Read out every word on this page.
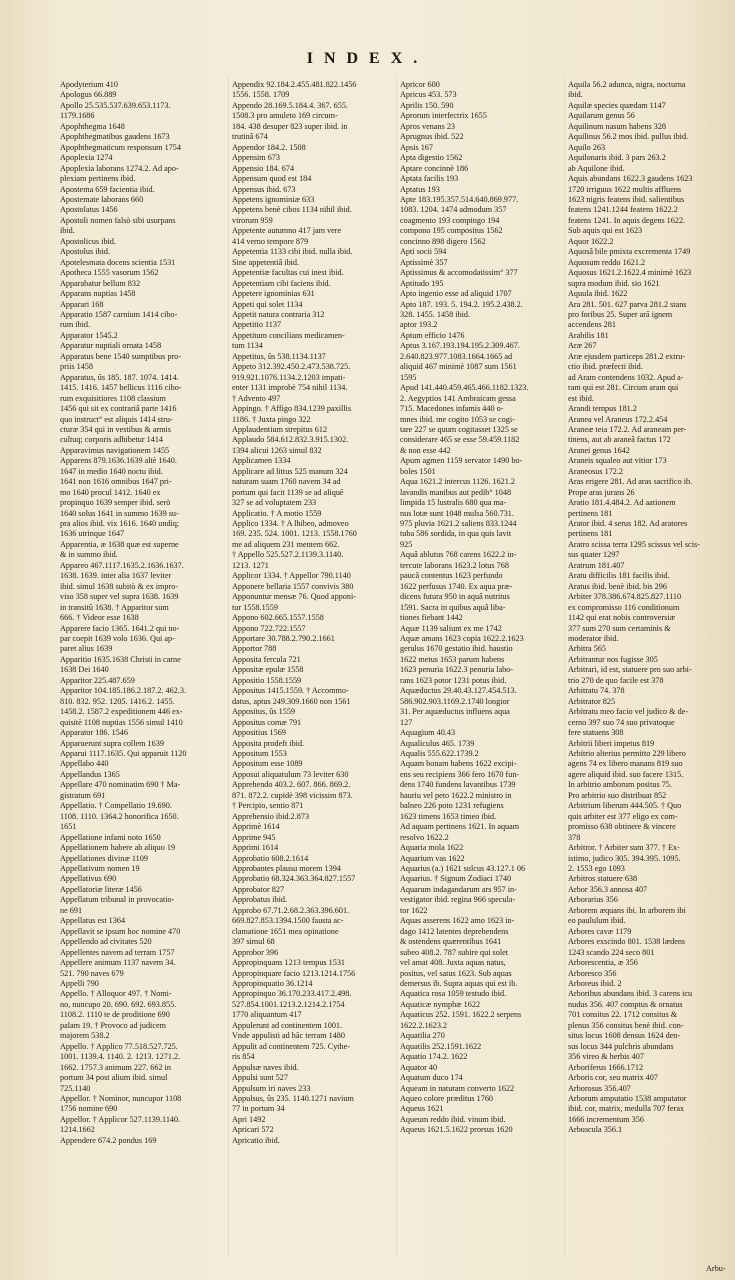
INDEX.
Apodyterium 410
Apologus 66.889
Apollo 25.535.537.639.653.1173.
1179.1686
Apophthegma 1648
Apophthegmatibus gaudens 1673
Apophthegmaticum responsum 1754
Apoplexia 1274
Apoplexia laborans 1274.2. Ad apo-
plexiam pertinens ibid.
Apostema 659 facientia ibid.
Apostemate laborans 660
Apostolatus 1456
Apostoli nomen falsò sibi usurpans
ibid.
Apostolicus ibid.
Apostolus ibid.
Apotelesmata docens scientia 1531
Apotheca 1555 vasorum 1562
Apparabatur bellum 832
Apparans nuptias 1458
Apparari 168
Apparatio 1587 carnium 1414 cibo-
rum ibid.
Apparator 1545.2
Apparatur nuptiali ornata 1458
Apparatus bene 1540 sumptibus pro-
priis 1458
Apparatus, ûs 185. 187. 1074. 1414.
1415. 1416. 1457 bellicus 1116 cibo-
rum exquisitiores 1108 classium
1456 qui sit ex contrariâ parte 1416
quo instruct° est aliquis 1414 stru-
cturæ 354 qui in vestibus & armis
cultuq; corporis adhibetur 1414
Apparavimus navigationem 1455
Apparens 879.1636.1639 altè 1640.
1647 in medio 1640 noctu ibid.
1641 non 1616 omnibus 1647 pri-
mo 1640 procul 1412. 1640 ex
propinquo 1639 semper ibid. serò
1640 solus 1641 in summo 1639 su-
pra alios ibid. vix 1616. 1640 undiq;
1636 utrinque 1647
Apparentia, æ 1638 quæ est superne
& in summo ibid.
Appareo 467.1117.1635.2.1636.1637.
1638. 1639. inter alia 1637 leviter
ibid. simul 1638 subitò & ex impro-
viso 358 super vel supra 1638. 1639
in transitû 1638. † Apparitor sum
666. † Videor esse 1638
Apparere facio 1365. 1641.2 qui no-
par coepit 1639 volo 1636. Qui ap-
paret alius 1639
Apparitio 1635.1638 Christi in carne
1638 Dei 1640
Apparitor 225.487.659
Apparitor 104.185.186.2.187.2. 462.3.
810. 832. 952. 1205. 1416.2. 1455.
1458.2. 1587.2 expeditionem 446 ex-
quisitè 1108 nuptias 1556 simul 1410
Apparator 186. 1546
Apparuerunt supra collem 1639
Apparui 1117.1635. Qui apparuit 1120
Appellabo 440
Appellandus 1365
Appellare 470 nominatim 690 † Ma-
gistratum 691
Appellatio. † Compellatio 19.690.
1108. 1110. 1364.2 honorifica 1650.
1651
Appellatione infami noto 1650
Appellationem habere ab aliquo 19
Appellationes divinæ 1109
Appellativum nomen 19
Appellativus 690
Appellatoriæ literæ 1456
Appellatum tribunal in provocatio-
ne 691
Appellatus est 1364
Appellavit se ipsum hoc nomine 470
Appellendo ad civitates 520
Appellentes navem ad terram 1757
Appellere animum 1137 navem 34.
521. 790 naves 679
Appelli 790
Appello. † Alloquor 497. † Nomi-
no, nuncupo 20. 690. 692. 693.855.
1108.2. 1110 te de proditione 690
palam 19. † Provoco ad judicem
majorem 538.2
Appello. † Applico 77.518.527.725.
1001. 1139.4. 1140. 2. 1213. 1271.2.
1662. 1757.3 animum 227. 662 in
portum 34 post alium ibid. simul
725.1140
Appellor. † Nominor, nuncupor 1108
1756 nomine 690
Appellor. † Applicor 527.1139.1140.
1214.1662
Appendere 674.2 pondus 169
Appendix 92.184.2.455.481.822.1456
1556. 1558. 1709
Appendo 28.169.5.184.4. 367. 655.
1508.3 pro amuleto 169 circum-
184. 438 desuper 823 super ibid. in
trutinâ 674
Appendor 184.2. 1508
Appensim 673
Appensio 184. 674
Appensum quod est 184
Appensus ibid. 673
Appetens ignominiæ 633
Appetens benè cibos 1134 nihil ibid.
virorum 959
Appetente autumno 417 jam vere
414 verno tempore 879
Appetentia 1133 cibi ibid. nulla ibid.
Sine appetentiâ ibid.
Appetentiæ facultas cui inest ibid.
Appetentiam cibi faciens ibid.
Appetere ignominias 631
Appeti qui solet 1134
Appetit natura contraria 312
Appetitio 1137
Appetitum concilians medicamen-
tum 1134
Appetitus, ûs 538.1134.1137
Appeto 312.392.450.2.473.538.725.
919.921.1076.1134.2.1203 impati-
enter 1131 improbè 754 nihil 1134.
† Advento 497
Appingo. † Affigo 834.1239 paxillis
1186. † Juxta pingo 322
Applaudentium strepitus 612
Applaudo 584.612.832.3.915.1302.
1394 alicui 1263 simul 832
Applicamen 1334
Applicare ad littus 525 manum 324
naturam suam 1760 navem 34 ad
portum qui facit 1139 se ad aliquē
327 se ad voluptatem 233
Applicatio. † A motio 1559
Applico 1334. † A lhibeo, admoveo
169. 235. 524. 1001. 1213. 1558.1760
me ad aliquem 231 mentem 662.
† Appello 525.527.2.1139.3.1140.
1213. 1271
Applicor 1334. † Appellor 790.1140
Apponere bellaria 1557 convivis 380
Apponuntur mensæ 76. Quod apponi-
tur 1558.1559
Appono 602.665.1557.1558
Appono 722.722.1557
Apportare 30.788.2.790.2.1661
Apportor 788
Apposita fercula 721
Appositæ epulæ 1558
Appositio 1558.1559
Appositus 1415.1559. † Accommo-
datus, aptus 249.309.1660 non 1561
Appositus, ûs 1559
Appositus comæ 791
Appositius 1569
Apposita prodeft ibid.
Appositum 1553
Appositum esse 1089
Apposui aliquatulum 73 leviter 630
Apprehendo 403.2. 607. 866. 869.2.
871. 872.2. cupidè 398 vicissim 873.
† Percipio, sentio 871
Apprehensio ibid.2.873
Apprimè 1614
Apprime 945
Apprimi 1614
Approbatio 608.2.1614
Approbantes plausu morem 1394
Approbatio 68.324.363.364.827.1557
Approbator 827
Approbatus ibid.
Approbo 67.71.2.68.2.363.396.601.
669.827.853.1394.1500 fausta ac-
clamatione 1651 mea opinatione
397 simul 68
Approbor 396
Appropinquans 1213 tempus 1531
Appropinquare facio 1213.1214.1756
Appropinquatio 36.1214
Appropinquo 36.170.233.417.2.498.
527.854.1001.1213.2.1214.2.1754
1770 aliquantum 417
Appulerunt ad continentem 1001.
Vnde appulisti ad hăc terram 1480
Appulit ad continentem 725. Cythe-
ris 854
Appulsæ naves ibid.
Appulsi sunt 527
Appulsum iri naves 233
Appulsus, ûs 235. 1140.1271 navium
77 in portum 34
Apri 1492
Apricari 572
Apricatio ibid.
Apricor 600
Apricus 453. 573
Aprilis 150. 590
Aprorum interfectrix 1655
Apros venans 23
Aprugnus ibid. 522
Apsis 167
Apta digestio 1562
Aptare concinnè 186
Aptata facilis 193
Aptatus 193
Apte 183.195.357.514.640.869.977.
1083. 1204. 1474 admodum 357
coagmento 193 compingo 194
compono 195 compositus 1562
concinno 898 digero 1562
Apti socii 594
Aptissimè 357
Aptissimus & accomodatissim° 377
Aptitudo 195
Apto ingenio esse ad aliquid 1707
Apto 187. 193. 5. 194.2. 195.2.438.2.
328. 1455. 1458 ibid.
aptor 193.2
Aptum efficio 1476
Aptus 3.167.193.194.195.2.309.467.
2.640.823.977.1083.1664.1665 ad
aliquid 467 minimè 1087 sum 1561
1595
Apud 141.440.459.465.466.1182.1323.
2. Aegyptios 141 Ambraicam gessa
715. Macedones infamis 440 o-
mnes ibid. me cogito 1053 se cogi-
tare 227 se quum cogitasset 1325 se
considerare 465 se esse 59.459.1182
& non esse 442
Apum agmen 1159 servator 1490 bo-
boles 1501
Aqua 1621.2 intercus 1126. 1621.2
lavandis manibus aut pedib° 1048
limpida 15 lustralis 680 qua ma-
nus lotæ sunt 1048 mulsa 560.731.
975 pluvia 1621.2 saliens 833.1244
tuba 586 sordida, in qua quis lavit
925
Aquâ ablutus 768 carens 1622.2 in-
tercute laborans 1623.2 lotus 768
paucâ contentus 1623 perfundo
1622 perfusus 1740. Ex aqua præ-
dicens futura 950 in aquâ nutritus
1591. Sacra in quibus aquâ liba-
tiones fiebant 1442
Aquæ 1139 saliunt ex me 1742
Aquæ amans 1623 copia 1622.2.1623
gerulus 1670 gestatio ibid. haustio
1622 metus 1653 parum habens
1623 penuria 1622.3 penuria labo-
rans 1623 potor 1231 potus ibid.
Aquæductus 29.40.43.127.454.513.
586.902.903.1169.2.1740 longior
31. Per aquæductus influens aqua
127
Aquagium 40.43
Aqualiculus 465. 1739
Aqualis 555.622.1739.2
Aquam bonam habens 1622 excipi-
ens seu recipiens 366 fero 1670 fun-
dens 1740 fundens lavantibus 1739
hauriu vel peto 1622.2 ministro in
balneo 226 poto 1231 refugiens
1623 timens 1653 timeo ibid.
Ad aquam pertinens 1621. In aquam
resolvo 1622.2
Aquaria mola 1622
Aquarium vas 1622
Aquarius (a.) 1621 sulcus 43.127.1 06
Aquarius. † Signum Zodiaci 1740
Aquarum indagandarum ars 957 in-
vestigator ibid. regina 966 specula-
tor 1622
Aquas asserens 1622 amo 1623 in-
dago 1412 latentes deprehendens
& ostendens quærentibus 1641
subeo 408.2. 787 subire qui solet
vel amat 408. Juxta aquas natus,
positus, vel satus 1623. Sub aquas
demersus ib. Supra aquas qui est ib.
Aquatica rosa 1059 testudo ibid.
Aquaticæ nymphæ 1622
Aquaticus 252. 1591. 1622.2 serpens
1622.2.1623.2
Aquatilia 270
Aquatilis 252.1591.1622
Aquatio 174.2. 1622
Aquator 40
Aquatum duco 174
Aqueam in naturam converto 1622
Aqueo colore præditus 1760
Aqueus 1621
Aqueum reddo ibid. vinum ibid.
Aqueus 1621.5.1622 prorsus 1620
Aquila 56.2 adunca, nigra, nocturna
ibid.
Aquilæ species quædam 1147
Aquilarum genus 56
Aquilinum nasum habens 328
Aquilinus 56.2 mos ibid. pullus ibid.
Aquilo 263
Aquilonaris ibid. 3 pars 263.2
ab Aquilone ibid.
Aquis abundans 1622.3 gaudens 1623
1720 irriguus 1622 multis affluens
1623 nigris featens ibid. salientibus
featens 1241.1244 featens 1622.2
featens 1241. In aquis degens 1622.
Sub aquis qui est 1623
Aquor 1622.2
Aquosâ bile pmixta excrementa 1749
Aquosum reddo 1621.2
Aquosus 1621.2.1622.4 minimè 1623
supra modum ibid. sio 1621
Aquula ibid. 1622
Ara 281. 501. 627 parva 281.2 stans
pro foribus 25. Super arā ignem
accendens 281
Arabilis 181
Aræ 267
Aræ ejusdem particeps 281.2 extru-
ctio ibid. præfecti ibid.
ad Aram contendens 1032. Apud a-
ram qui est 281. Circum aram qui
est ibid.
Arandi tempus 181.2
Aranea vel Araneus 172.2.454
Araneæ teia 172.2. Ad araneam per-
tinens, aut ab araneâ factus 172
Aranei genus 1642
Araneis squaleo aut vitior 173
Araneosus 172.2
Aras erigere 281. Ad aras sacrifico ib.
Prope aras jurans 26
Aratio 181.4.484.2. Ad aationem
pertinens 181
Arator ibid. 4 serus 182. Ad aratores
pertinens 181
Aratro scissa terra 1295 scissus vel scis-
sus quater 1297
Aratrum 181.407
Aratu difficilis 181 facilis ibid.
Aratus ibid. benè ibid. bis 296
Arbiter 378.386.674.825.827.1110
ex compromisso 116 conditionum
1142 qui erat nobis controversiæ
377 sum 270 sum certaminis &
moderator ibid.
Arbitra 565
Arbitrantur nos fugisse 305
Arbitrari, id est, statuere pro suo arbi-
trio 270 de quo facile est 378
Arbitratu 74. 378
Arbitrator 825
Arbitratu meo facio vel judico & de-
cerno 397 suo 74 suo privatoque
fere statuens 308
Arbitrii liberi impetus 819
Arbitrio alterius permitto 229 libero
agens 74 ex libero manans 819 suo
agere aliquid ibid. suo facere 1315.
In arbitrio amborum positus 75.
Pro arbitrio suo distribuat 852
Arbitrium liberum 444.505. † Quo
quis arbiter est 377 eligo ex com-
promisso 638 obtinere & vincere
378
Arbitror. † Arbiter sum 377. † Ex-
istimo, judico 305. 394.395. 1095.
2. 1553 ego 1093
Arbitros statuere 638
Arbor 356.3 annosa 407
Arborarius 356
Arborem æquans ibi. In arborem ibi
eo paululum ibid.
Arbores cavæ 1179
Arbores exscindo 801. 1538 lædens
1243 scando 224 seco 801
Arborescentia, æ 356
Arboresco 356
Arboreus ibid. 2
Arboribus abundans ibid. 3 carens icu
nudus 356. 407 comptus & ornatus
701 consitus 22. 1712 consitus &
plenus 356 consitus benè ibid. con-
situs locus 1608 densus 1624 den-
sus locus 344 pulchris abundans
356 vireo & herbis 407
Arboriferus 1666.1712
Arboris cor, seu matrix 407
Arborosus 356.407
Arborum amputatio 1538 amputator
ibid. cor, matrix, medulla 707 ferax
1666 incrementum 356
Arbuscula 356.1
Arbu-
